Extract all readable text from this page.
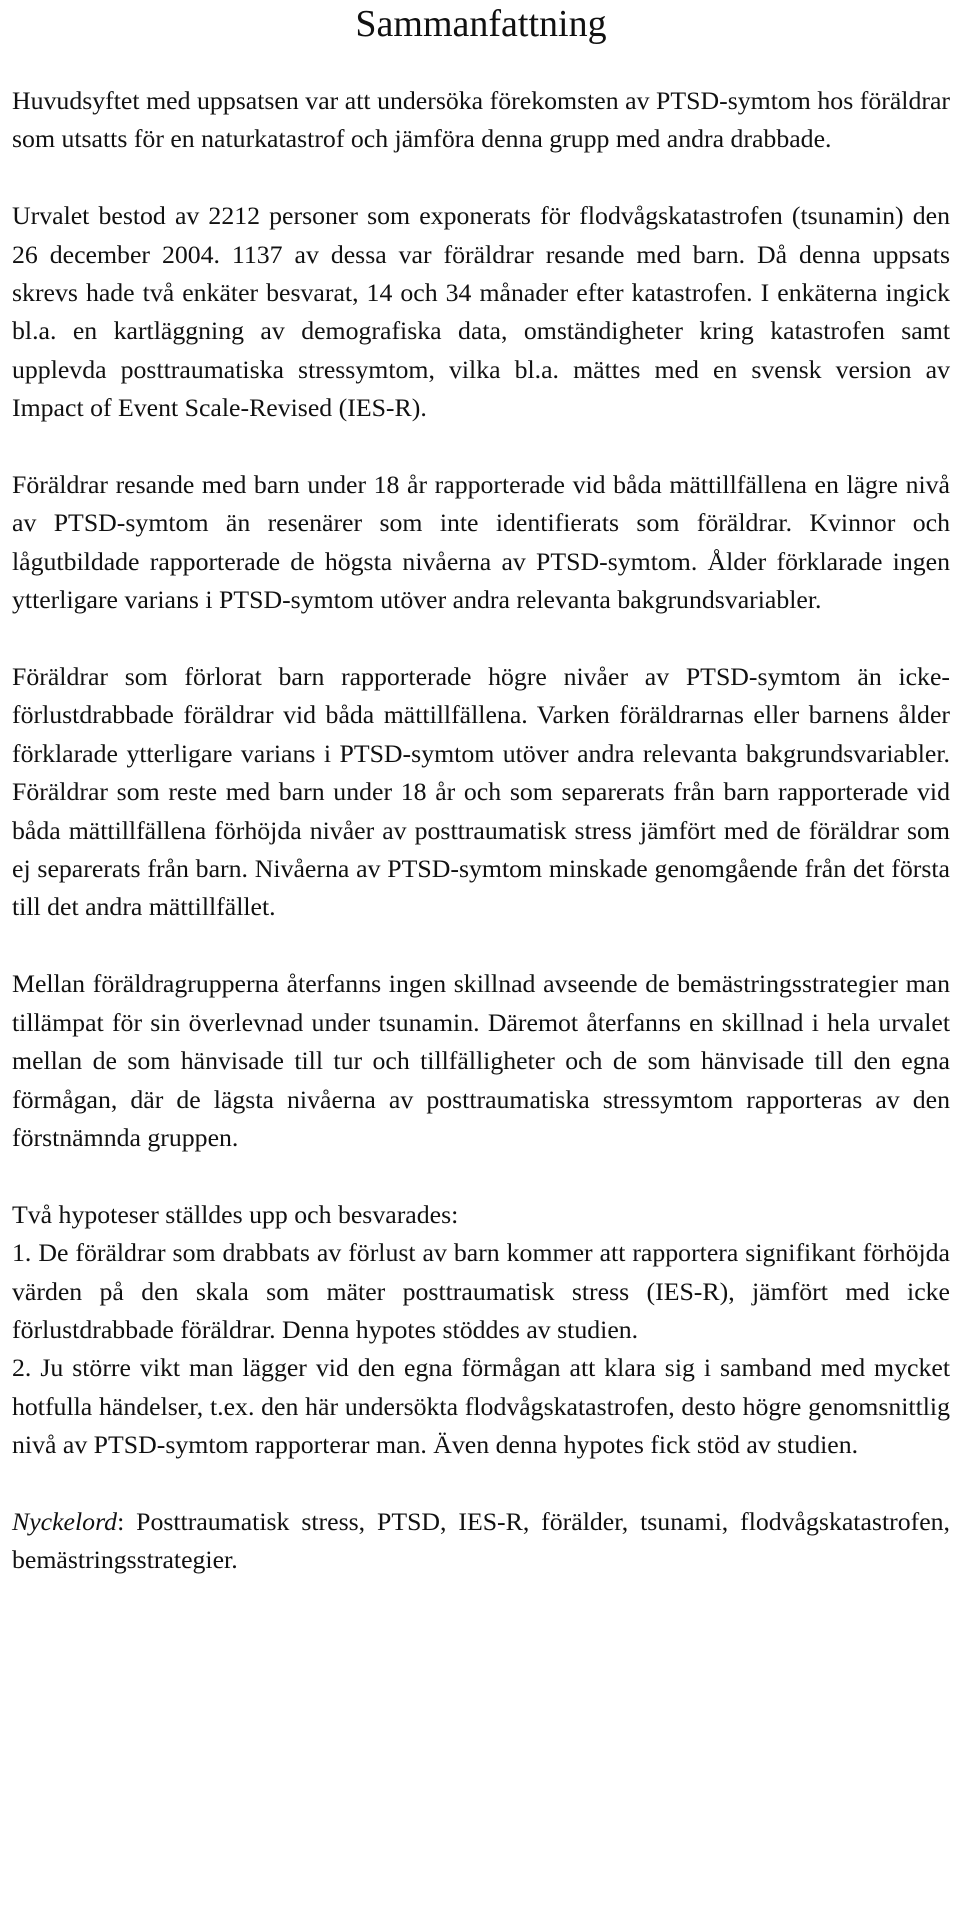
Sammanfattning

Huvudsyftet med uppsatsen var att undersöka förekomsten av PTSD-symtom hos föräldrar som utsatts för en naturkatastrof och jämföra denna grupp med andra drabbade.

Urvalet bestod av 2212 personer som exponerats för flodvågskatastrofen (tsunamin) den 26 december 2004. 1137 av dessa var föräldrar resande med barn. Då denna uppsats skrevs hade två enkäter besvarat, 14 och 34 månader efter katastrofen. I enkäterna ingick bl.a. en kartläggning av demografiska data, omständigheter kring katastrofen samt upplevda posttraumatiska stressymtom, vilka bl.a. mättes med en svensk version av Impact of Event Scale-Revised (IES-R).

Föräldrar resande med barn under 18 år rapporterade vid båda mättillfällena en lägre nivå av PTSD-symtom än resenärer som inte identifierats som föräldrar. Kvinnor och lågutbildade rapporterade de högsta nivåerna av PTSD-symtom. Ålder förklarade ingen ytterligare varians i PTSD-symtom utöver andra relevanta bakgrundsvariabler.

Föräldrar som förlorat barn rapporterade högre nivåer av PTSD-symtom än icke-förlustdrabbade föräldrar vid båda mättillfällena. Varken föräldrarnas eller barnens ålder förklarade ytterligare varians i PTSD-symtom utöver andra relevanta bakgrundsvariabler. Föräldrar som reste med barn under 18 år och som separerats från barn rapporterade vid båda mättillfällena förhöjda nivåer av posttraumatisk stress jämfört med de föräldrar som ej separerats från barn. Nivåerna av PTSD-symtom minskade genomgående från det första till det andra mättillfället.

Mellan föräldragrupperna återfanns ingen skillnad avseende de bemästringsstrategier man tillämpat för sin överlevnad under tsunamin. Däremot återfanns en skillnad i hela urvalet mellan de som hänvisade till tur och tillfälligheter och de som hänvisade till den egna förmågan, där de lägsta nivåerna av posttraumatiska stressymtom rapporteras av den förstnämnda gruppen.

Två hypoteser ställdes upp och besvarades:

1. De föräldrar som drabbats av förlust av barn kommer att rapportera signifikant förhöjda värden på den skala som mäter posttraumatisk stress (IES-R), jämfört med icke förlustdrabbade föräldrar. Denna hypotes stöddes av studien.

2. Ju större vikt man lägger vid den egna förmågan att klara sig i samband med mycket hotfulla händelser, t.ex. den här undersökta flodvågskatastrofen, desto högre genomsnittlig nivå av PTSD-symtom rapporterar man. Även denna hypotes fick stöd av studien.

Nyckelord: Posttraumatisk stress, PTSD, IES-R, förälder, tsunami, flodvågskatastrofen, bemästringsstrategier.
